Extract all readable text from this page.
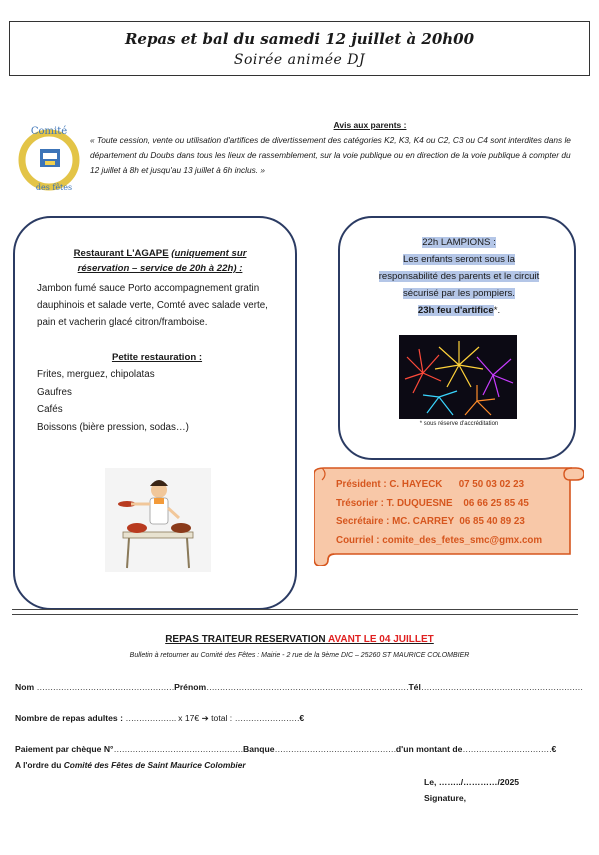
Repas et bal du samedi 12 juillet à 20h00
Soirée animée DJ
Comité
des fêtes
Avis aux parents :
« Toute cession, vente ou utilisation d'artifices de divertissement des catégories K2, K3, K4 ou C2, C3 ou C4 sont interdites dans le département du Doubs dans tous les lieux de rassemblement, sur la voie publique ou en direction de la voie publique à compter du 12 juillet à 8h et jusqu'au 13 juillet à 6h inclus. »
Restaurant L'AGAPE (uniquement sur réservation – service de 20h à 22h) :
Jambon fumé sauce Porto accompagnement gratin dauphinois et salade verte, Comté avec salade verte, pain et vacherin glacé citron/framboise.
Petite restauration :
Frites, merguez, chipolatas
Gaufres
Cafés
Boissons (bière pression, sodas…)
22h LAMPIONS :
Les enfants seront sous la
responsabilité des parents et le circuit
sécurisé par les pompiers.
23h feu d'artifice*.
* sous réserve d'accréditation
Président : C. HAYECK 07 50 03 02 23
Trésorier : T. DUQUESNE 06 66 25 85 45
Secrétaire : MC. CARREY 06 85 40 89 23
Courriel : comite_des_fetes_smc@gmx.com
REPAS TRAITEUR RESERVATION AVANT LE 04 JUILLET
Bulletin à retourner au Comité des Fêtes : Mairie - 2 rue de la 9ème DIC – 25260 ST MAURICE COLOMBIER
Nom ……………………………………………Prénom…………………………………………………………………Tél……………………………………………………
Nombre de repas adultes : ………………. x 17€ ➔ total : ……………………€
Paiement par chèque N°…………………………………………Banque………………………………………d'un montant de……………………………€
A l'ordre du Comité des Fêtes de Saint Maurice Colombier
Le, ……../…………/2025
Signature,
